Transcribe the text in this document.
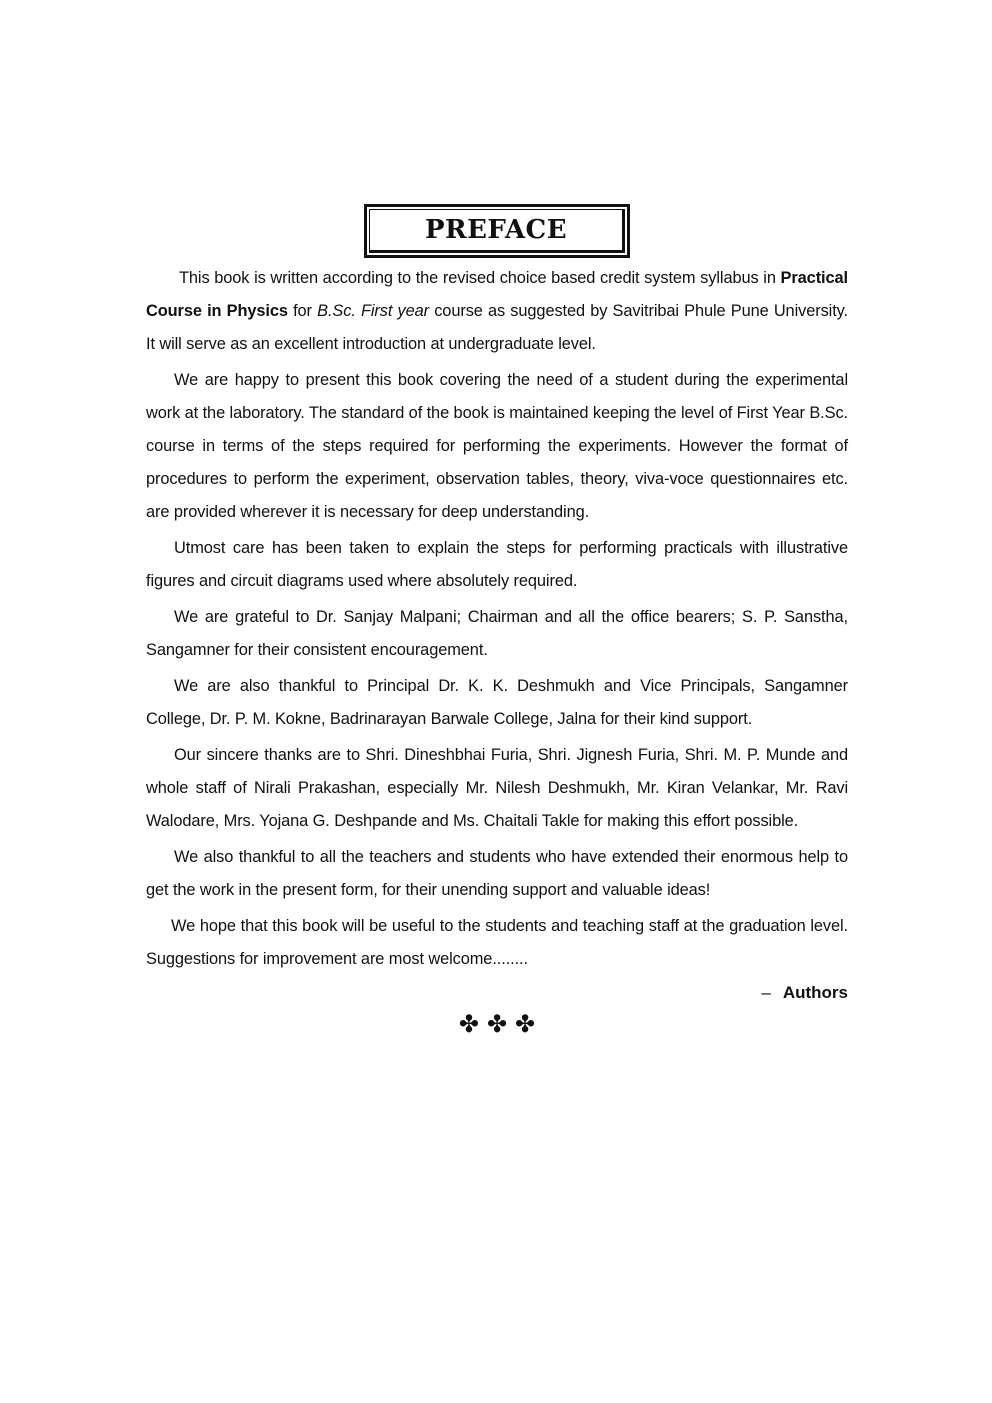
PREFACE

This book is written according to the revised choice based credit system syllabus in Practical Course in Physics for B.Sc. First year course as suggested by Savitribai Phule Pune University. It will serve as an excellent introduction at undergraduate level.

We are happy to present this book covering the need of a student during the experimental work at the laboratory. The standard of the book is maintained keeping the level of First Year B.Sc. course in terms of the steps required for performing the experiments. However the format of procedures to perform the experiment, observation tables, theory, viva-voce questionnaires etc. are provided wherever it is necessary for deep understanding.

Utmost care has been taken to explain the steps for performing practicals with illustrative figures and circuit diagrams used where absolutely required.

We are grateful to Dr. Sanjay Malpani; Chairman and all the office bearers; S. P. Sanstha, Sangamner for their consistent encouragement.

We are also thankful to Principal Dr. K. K. Deshmukh and Vice Principals, Sangamner College, Dr. P. M. Kokne, Badrinarayan Barwale College, Jalna for their kind support.

Our sincere thanks are to Shri. Dineshbhai Furia, Shri. Jignesh Furia, Shri. M. P. Munde and whole staff of Nirali Prakashan, especially Mr. Nilesh Deshmukh, Mr. Kiran Velankar, Mr. Ravi Walodare, Mrs. Yojana G. Deshpande and Ms. Chaitali Takle for making this effort possible.

We also thankful to all the teachers and students who have extended their enormous help to get the work in the present form, for their unending support and valuable ideas!

We hope that this book will be useful to the students and teaching staff at the graduation level. Suggestions for improvement are most welcome........

– Authors
✤✤✤
